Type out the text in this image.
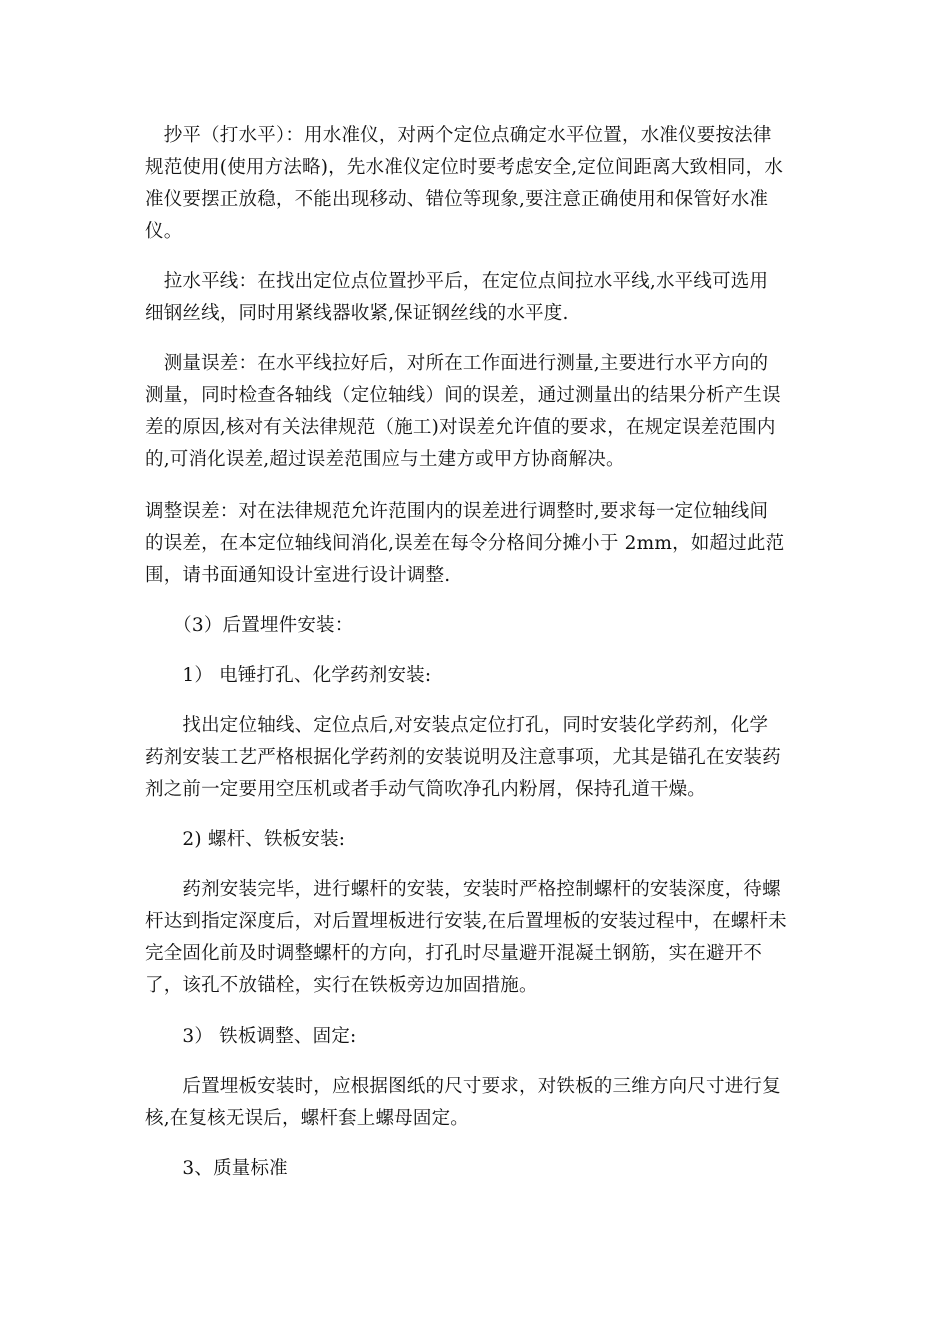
　抄平（打水平）：用水准仪，对两个定位点确定水平位置，水准仪要按法律
规范使用(使用方法略)，先水准仪定位时要考虑安全,定位间距离大致相同，水
准仪要摆正放稳，不能出现移动、错位等现象,要注意正确使用和保管好水准
仪。

　拉水平线：在找出定位点位置抄平后，在定位点间拉水平线,水平线可选用
细钢丝线，同时用紧线器收紧,保证钢丝线的水平度.

　测量误差：在水平线拉好后，对所在工作面进行测量,主要进行水平方向的
测量，同时检查各轴线（定位轴线）间的误差，通过测量出的结果分析产生误
差的原因,核对有关法律规范（施工)对误差允许值的要求，在规定误差范围内
的,可消化误差,超过误差范围应与土建方或甲方协商解决。

调整误差：对在法律规范允许范围内的误差进行调整时,要求每一定位轴线间
的误差，在本定位轴线间消化,误差在每令分格间分摊小于 2mm，如超过此范
围，请书面通知设计室进行设计调整.

　　（3）后置埋件安装：

　　1） 电锤打孔、化学药剂安装:

　　找出定位轴线、定位点后,对安装点定位打孔，同时安装化学药剂，化学
药剂安装工艺严格根据化学药剂的安装说明及注意事项，尤其是锚孔在安装药
剂之前一定要用空压机或者手动气筒吹净孔内粉屑，保持孔道干燥。

　　2) 螺杆、铁板安装:

　　药剂安装完毕，进行螺杆的安装，安装时严格控制螺杆的安装深度，待螺
杆达到指定深度后，对后置埋板进行安装,在后置埋板的安装过程中，在螺杆未
完全固化前及时调整螺杆的方向，打孔时尽量避开混凝土钢筋，实在避开不
了，该孔不放锚栓，实行在铁板旁边加固措施。

　　3） 铁板调整、固定:

　　后置埋板安装时，应根据图纸的尺寸要求，对铁板的三维方向尺寸进行复
核,在复核无误后，螺杆套上螺母固定。

　　3、质量标准
